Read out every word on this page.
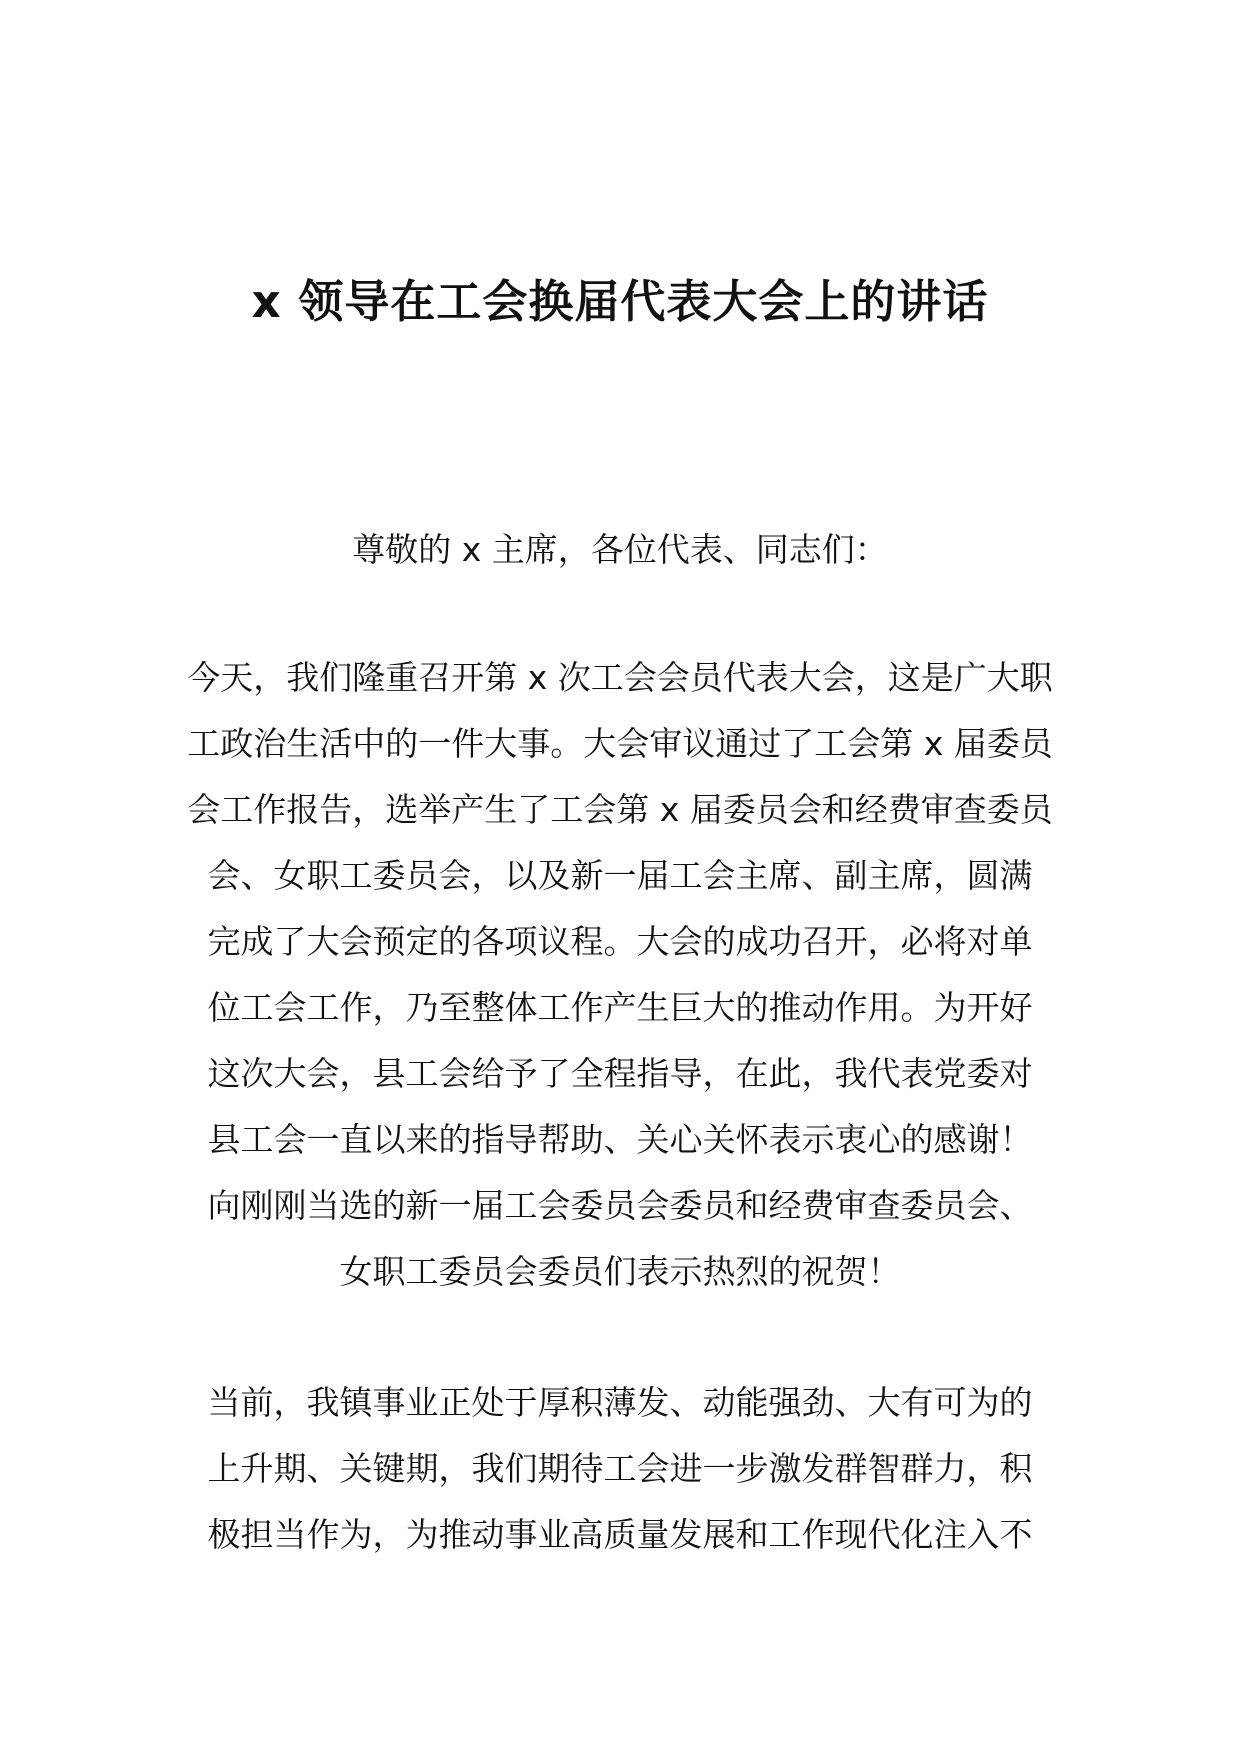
x 领导在工会换届代表大会上的讲话

尊敬的 x 主席，各位代表、同志们：

今天，我们隆重召开第 x 次工会会员代表大会，这是广大职
工政治生活中的一件大事。大会审议通过了工会第 x 届委员
会工作报告，选举产生了工会第 x 届委员会和经费审查委员
会、女职工委员会，以及新一届工会主席、副主席，圆满
完成了大会预定的各项议程。大会的成功召开，必将对单
位工会工作，乃至整体工作产生巨大的推动作用。为开好
这次大会，县工会给予了全程指导，在此，我代表党委对
县工会一直以来的指导帮助、关心关怀表示衷心的感谢！
向刚刚当选的新一届工会委员会委员和经费审查委员会、
女职工委员会委员们表示热烈的祝贺！
当前，我镇事业正处于厚积薄发、动能强劲、大有可为的
上升期、关键期，我们期待工会进一步激发群智群力，积
极担当作为，为推动事业高质量发展和工作现代化注入不
